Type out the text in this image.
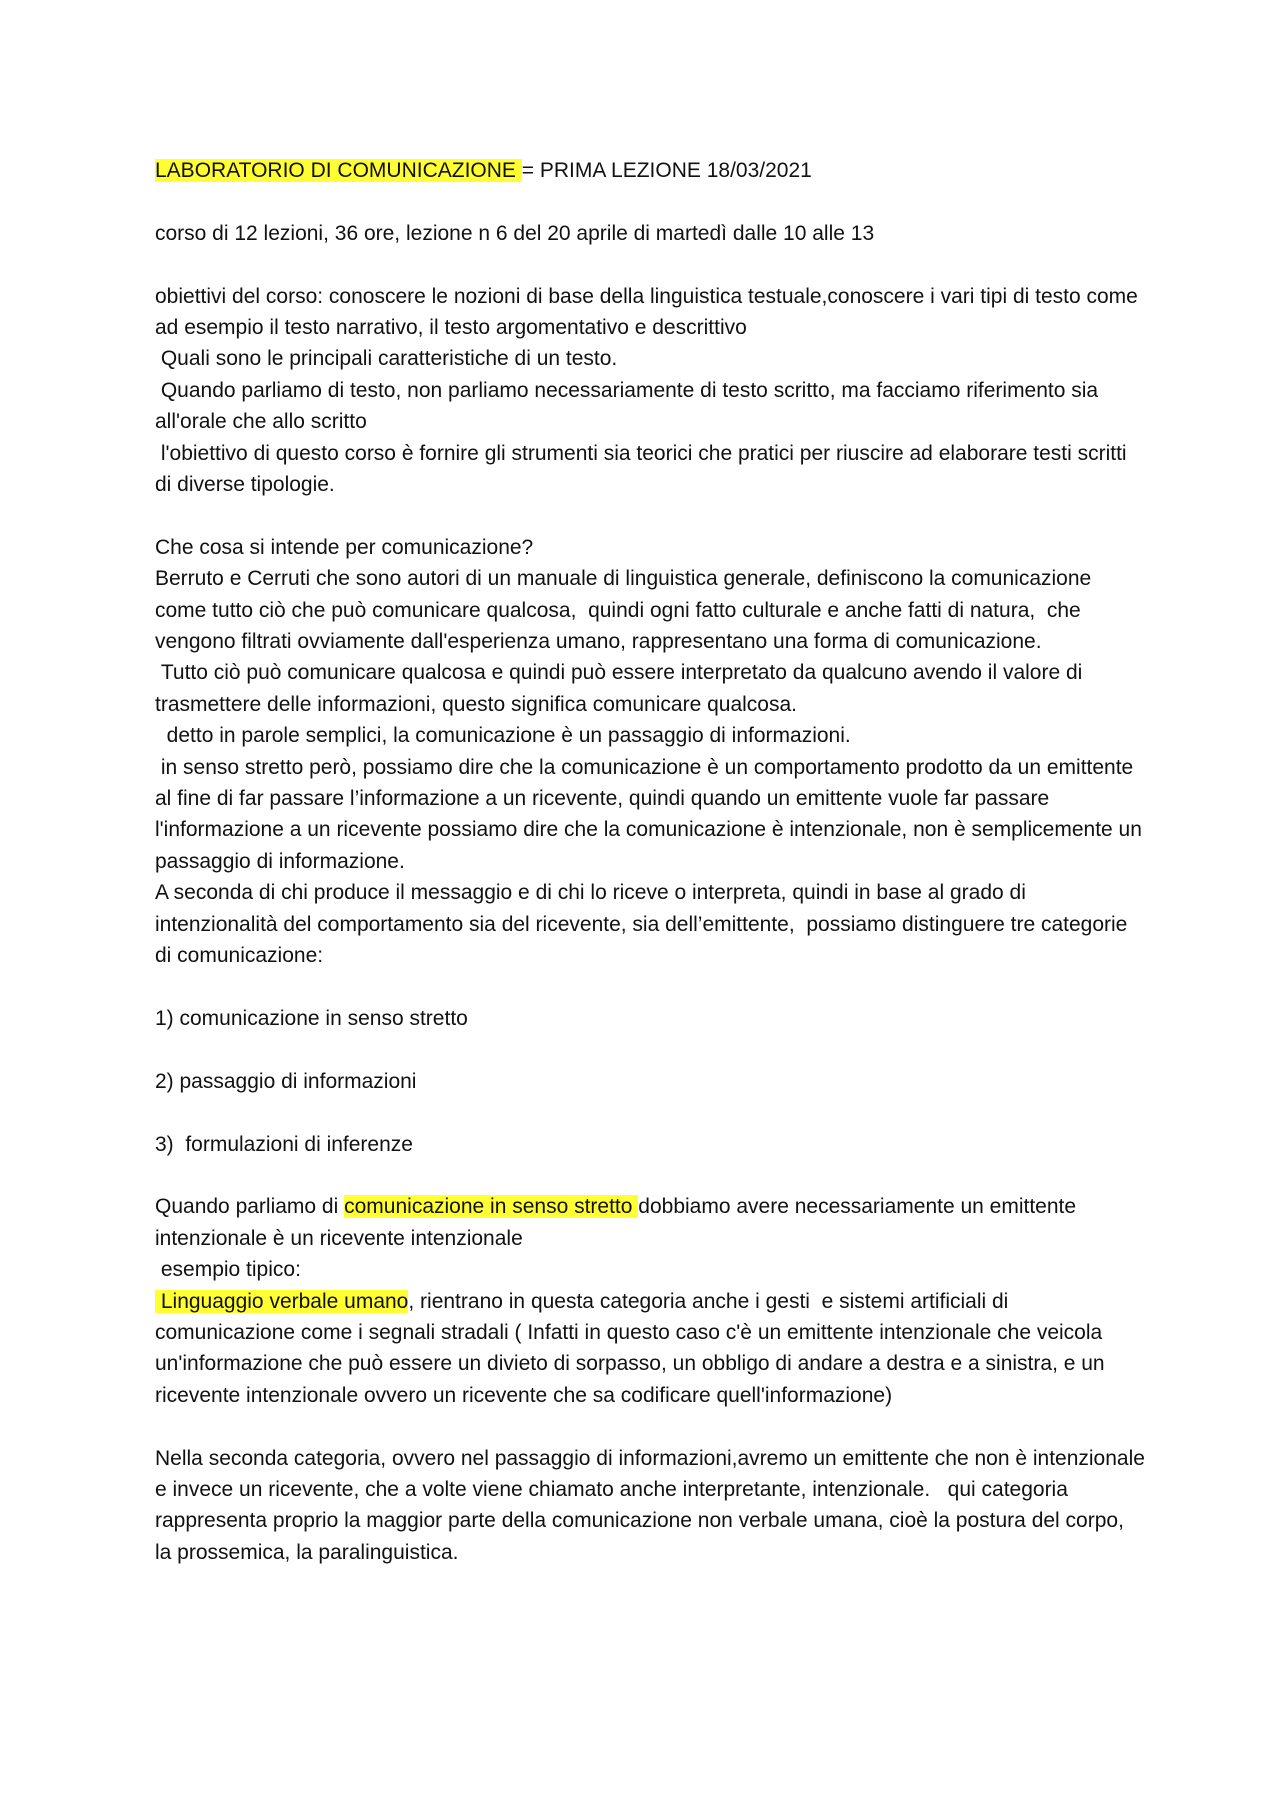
LABORATORIO DI COMUNICAZIONE = PRIMA LEZIONE 18/03/2021

corso di 12 lezioni, 36 ore, lezione n 6 del 20 aprile di martedì dalle 10 alle 13

obiettivi del corso: conoscere le nozioni di base della linguistica testuale,conoscere i vari tipi di testo come ad esempio il testo narrativo, il testo argomentativo e descrittivo

Quali sono le principali caratteristiche di un testo.

Quando parliamo di testo, non parliamo necessariamente di testo scritto, ma facciamo riferimento sia all'orale che allo scritto

l'obiettivo di questo corso è fornire gli strumenti sia teorici che pratici per riuscire ad elaborare testi scritti di diverse tipologie.

Che cosa si intende per comunicazione?

Berruto e Cerruti che sono autori di un manuale di linguistica generale, definiscono la comunicazione come tutto ciò che può comunicare qualcosa,  quindi ogni fatto culturale e anche fatti di natura,  che vengono filtrati ovviamente dall'esperienza umano, rappresentano una forma di comunicazione.

Tutto ciò può comunicare qualcosa e quindi può essere interpretato da qualcuno avendo il valore di trasmettere delle informazioni, questo significa comunicare qualcosa.

detto in parole semplici, la comunicazione è un passaggio di informazioni.

in senso stretto però, possiamo dire che la comunicazione è un comportamento prodotto da un emittente al fine di far passare l’informazione a un ricevente, quindi quando un emittente vuole far passare l'informazione a un ricevente possiamo dire che la comunicazione è intenzionale, non è semplicemente un passaggio di informazione.

A seconda di chi produce il messaggio e di chi lo riceve o interpreta, quindi in base al grado di intenzionalità del comportamento sia del ricevente, sia dell’emittente,  possiamo distinguere tre categorie di comunicazione:

1) comunicazione in senso stretto

2) passaggio di informazioni

3)  formulazioni di inferenze

Quando parliamo di comunicazione in senso stretto dobbiamo avere necessariamente un emittente intenzionale è un ricevente intenzionale

esempio tipico:

Linguaggio verbale umano, rientrano in questa categoria anche i gesti  e sistemi artificiali di comunicazione come i segnali stradali ( Infatti in questo caso c'è un emittente intenzionale che veicola un'informazione che può essere un divieto di sorpasso, un obbligo di andare a destra e a sinistra, e un ricevente intenzionale ovvero un ricevente che sa codificare quell'informazione)

Nella seconda categoria, ovvero nel passaggio di informazioni,avremo un emittente che non è intenzionale e invece un ricevente, che a volte viene chiamato anche interpretante, intenzionale.   qui categoria rappresenta proprio la maggior parte della comunicazione non verbale umana, cioè la postura del corpo, la prossemica, la paralinguistica.
